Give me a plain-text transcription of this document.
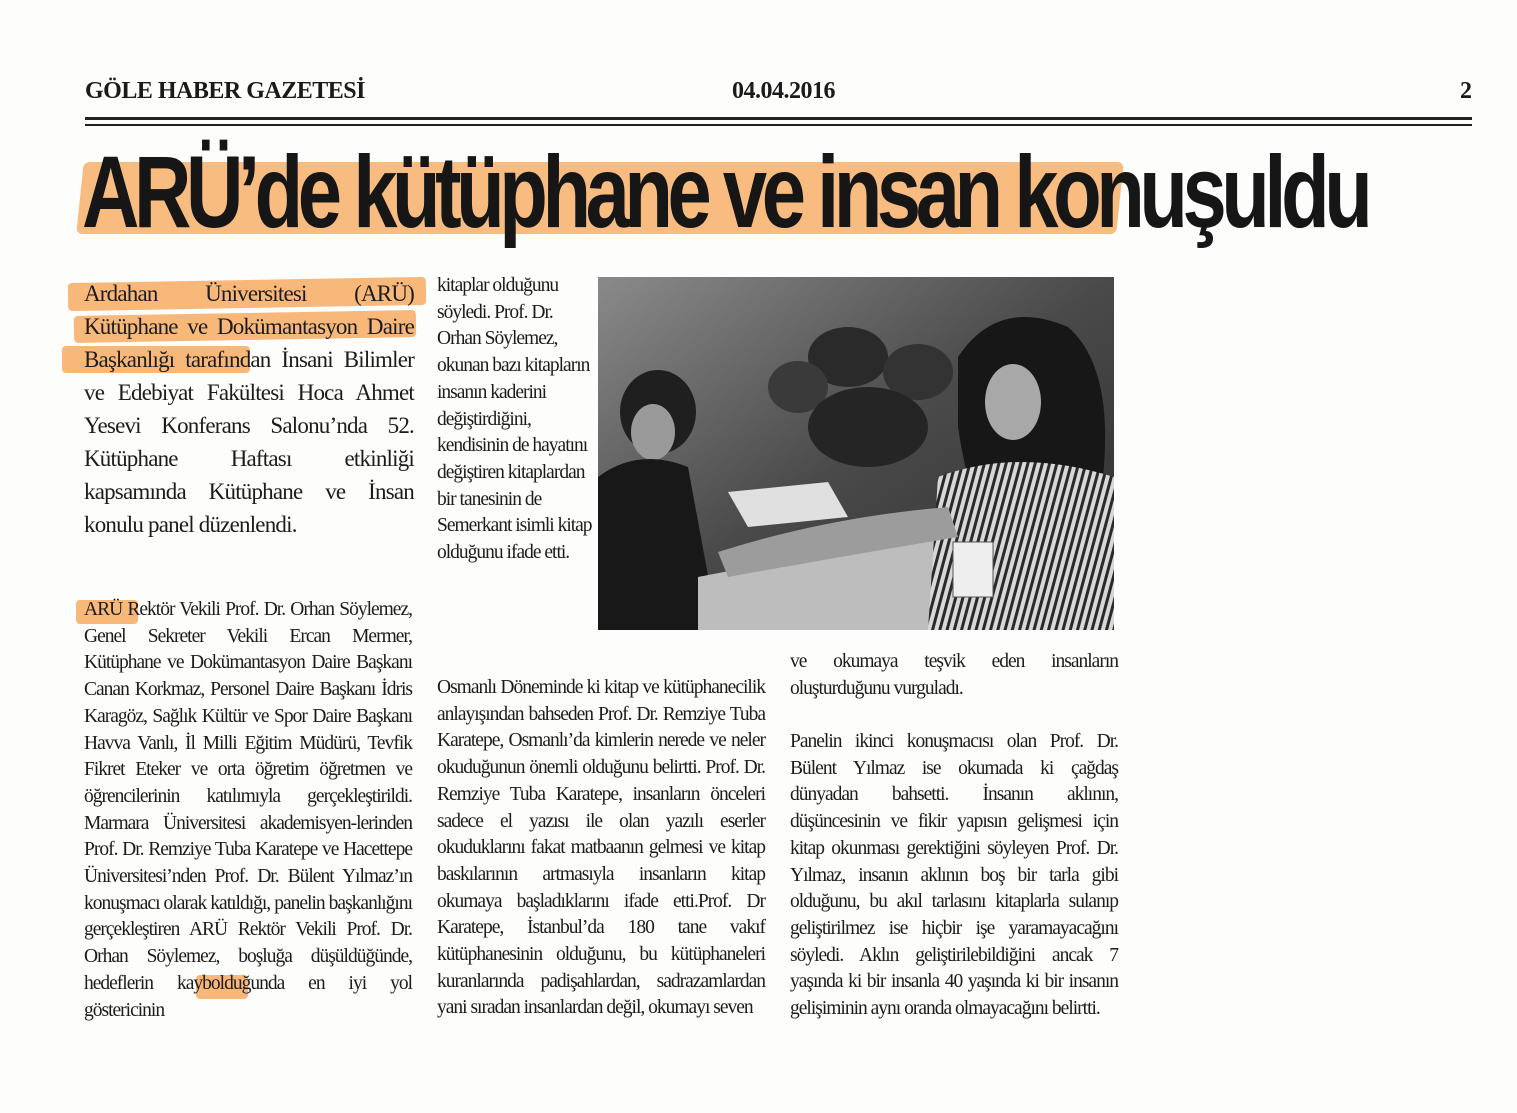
GÖLE HABER GAZETESİ	04.04.2016	2
ARÜ’de kütüphane ve insan konuşuldu
Ardahan Üniversitesi (ARÜ) Kütüphane ve Dokümantasyon Daire Başkanlığı tarafından İnsani Bilimler ve Edebiyat Fakültesi Hoca Ahmet Yesevi Konferans Salonu’nda 52. Kütüphane Haftası etkinliği kapsamında Kütüphane ve İnsan konulu panel düzenlendi.
ARÜ Rektör Vekili Prof. Dr. Orhan Söylemez, Genel Sekreter Vekili Ercan Mermer, Kütüphane ve Dokümantasyon Daire Başkanı Canan Korkmaz, Personel Daire Başkanı İdris Karagöz, Sağlık Kültür ve Spor Daire Başkanı Havva Vanlı, İl Milli Eğitim Müdürü, Tevfik Fikret Eteker ve orta öğretim öğretmen ve öğrencilerinin katılımıyla gerçekleştirildi. Marmara Üniversitesi akademisyen-lerinden Prof. Dr. Remziye Tuba Karatepe ve Hacettepe Üniversitesi’nden Prof. Dr. Bülent Yılmaz’ın konuşmacı olarak katıldığı, panelin başkanlığını gerçekleştiren ARÜ Rektör Vekili Prof. Dr. Orhan Söylemez, boşluğa düşüldüğünde, hedeflerin kaybolduğunda en iyi yol göstericinin
kitaplar olduğunu söyledi. Prof. Dr. Orhan Söylemez, okunan bazı kitapların insanın kaderini değiştirdiğini, kendisinin de hayatını değiştiren kitaplardan bir tanesinin de Semerkant isimli kitap olduğunu ifade etti.
Osmanlı Döneminde ki kitap ve kütüphanecilik anlayışından bahseden Prof. Dr. Remziye Tuba Karatepe, Osmanlı’da kimlerin nerede ve neler okuduğunun önemli olduğunu belirtti. Prof. Dr. Remziye Tuba Karatepe, insanların önceleri sadece el yazısı ile olan yazılı eserler okuduklarını fakat matbaanın gelmesi ve kitap baskılarının artmasıyla insanların kitap okumaya başladıklarını ifade etti.Prof. Dr Karatepe, İstanbul’da 180 tane vakıf kütüphanesinin olduğunu, bu kütüphaneleri kuranlarında padişahlardan, sadrazamlardan yani sıradan insanlardan değil, okumayı seven
ve okumaya teşvik eden insanların oluşturduğunu vurguladı.
Panelin ikinci konuşmacısı olan Prof. Dr. Bülent Yılmaz ise okumada ki çağdaş dünyadan bahsetti. İnsanın aklının, düşüncesinin ve fikir yapısın gelişmesi için kitap okunması gerektiğini söyleyen Prof. Dr. Yılmaz, insanın aklının boş bir tarla gibi olduğunu, bu akıl tarlasını kitaplarla sulanıp geliştirilmez ise hiçbir işe yaramayacağını söyledi. Aklın geliştirilebildiğini ancak 7 yaşında ki bir insanla 40 yaşında ki bir insanın gelişiminin aynı oranda olmayacağını belirtti.
